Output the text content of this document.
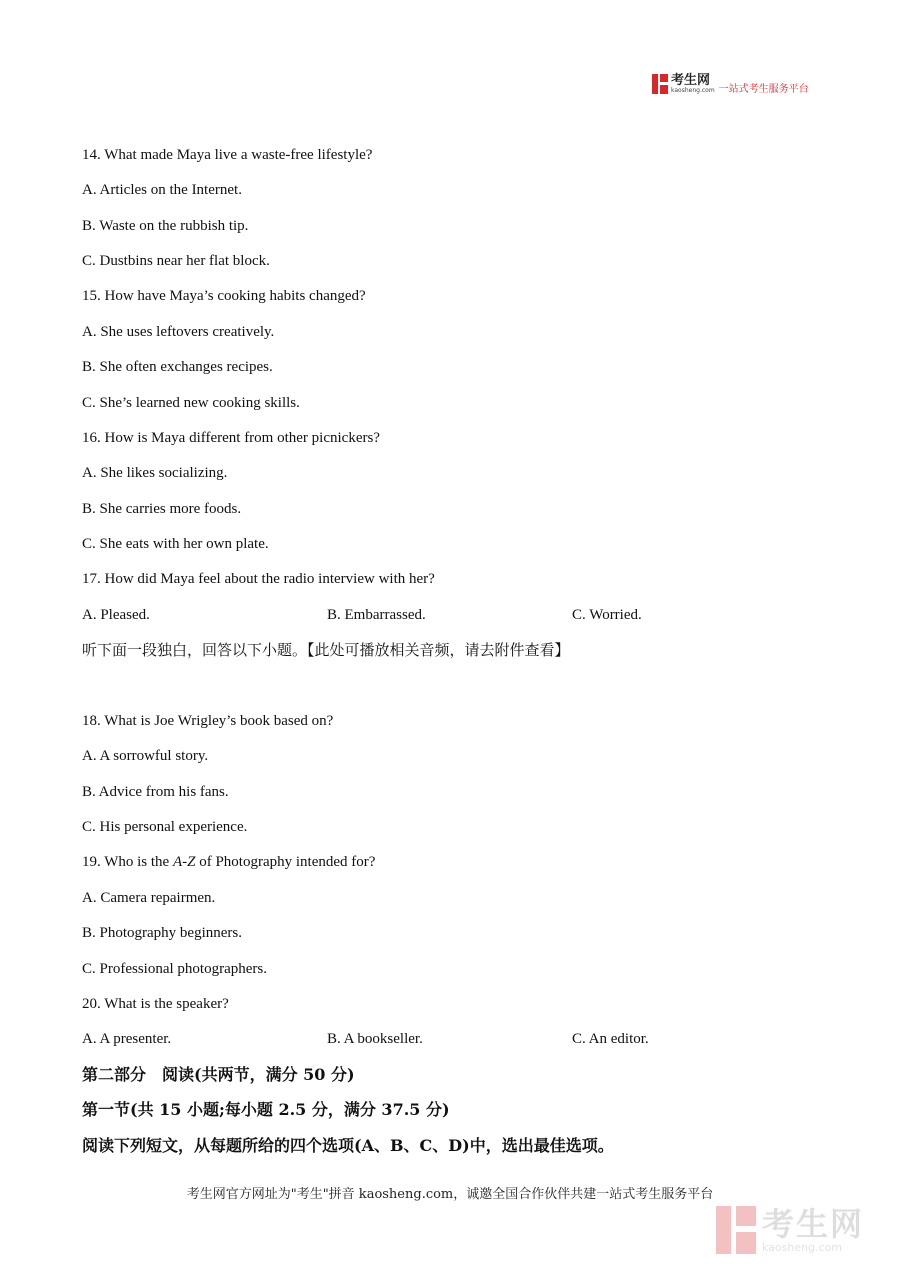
考生网
kaosheng.com 一站式考生服务平台
14. What made Maya live a waste-free lifestyle?
A. Articles on the Internet.
B. Waste on the rubbish tip.
C. Dustbins near her flat block.
15. How have Maya’s cooking habits changed?
A. She uses leftovers creatively.
B. She often exchanges recipes.
C. She’s learned new cooking skills.
16. How is Maya different from other picnickers?
A. She likes socializing.
B. She carries more foods.
C. She eats with her own plate.
17. How did Maya feel about the radio interview with her?
A. Pleased.	B. Embarrassed.	C. Worried.
听下面一段独白，回答以下小题。【此处可播放相关音频，请去附件查看】
18. What is Joe Wrigley’s book based on?
A. A sorrowful story.
B. Advice from his fans.
C. His personal experience.
19. Who is the A-Z of Photography intended for?
A. Camera repairmen.
B. Photography beginners.
C. Professional photographers.
20. What is the speaker?
A. A presenter.	B. A bookseller.	C. An editor.
第二部分　阅读(共两节，满分 50 分)
第一节(共 15 小题;每小题 2.5 分，满分 37.5 分)
阅读下列短文，从每题所给的四个选项(A、B、C、D)中，选出最佳选项。
考生网官方网址为"考生"拼音 kaosheng.com，诚邀全国合作伙伴共建一站式考生服务平台
考生网
kaosheng.com
